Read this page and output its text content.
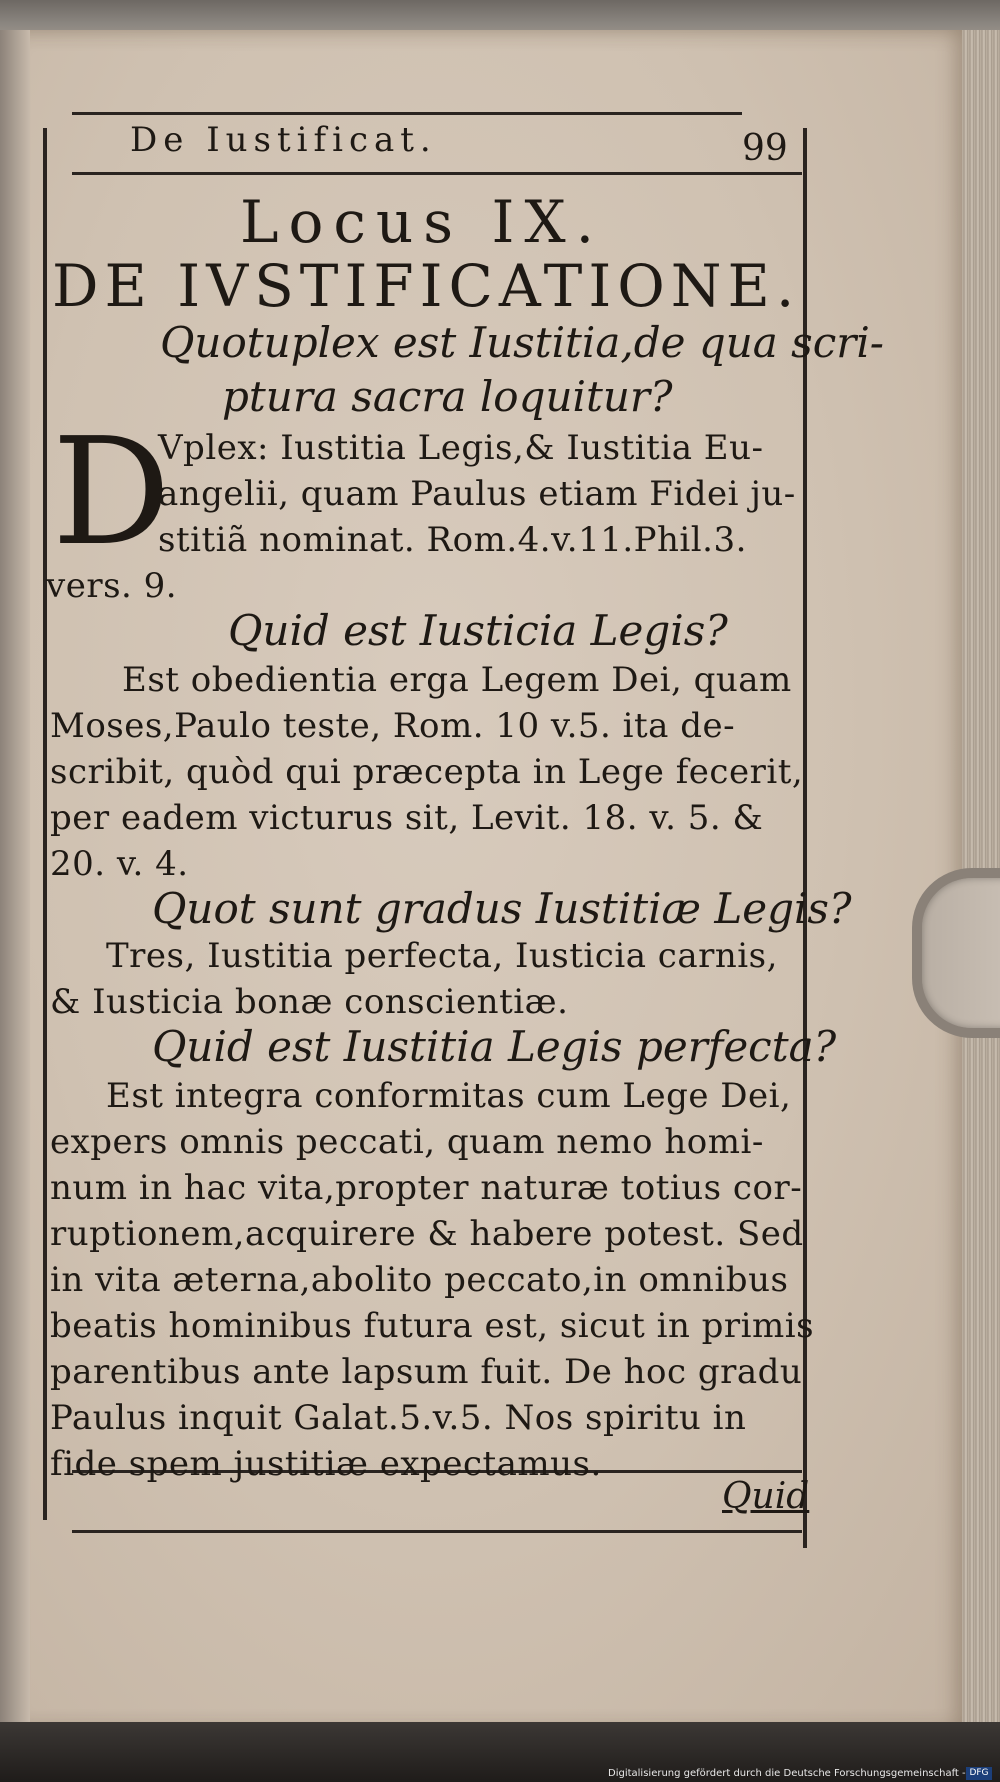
De Iustificat.	99
Locus IX.
DE IVSTIFICATIONE.
D
Quotuplex est Iustitia,de qua scri-
ptura sacra loquitur?
Vplex: Iustitia Legis,& Iustitia Eu-
angelii, quam Paulus etiam Fidei ju-
stitiã nominat. Rom.4.v.11.Phil.3.
vers. 9.
Quid est Iusticia Legis?
Est obedientia erga Legem Dei, quam
Moses,Paulo teste, Rom. 10 v.5. ita de-
scribit, quòd qui præcepta in Lege fecerit,
per eadem victurus sit, Levit. 18. v. 5. &
20. v. 4.
Quot sunt gradus Iustitiæ Legis?
Tres, Iustitia perfecta, Iusticia carnis,
& Iusticia bonæ conscientiæ.
Quid est Iustitia Legis perfecta?
Est integra conformitas cum Lege Dei,
expers omnis peccati, quam nemo homi-
num in hac vita,propter naturæ totius cor-
ruptionem,acquirere & habere potest. Sed
in vita æterna,abolito peccato,in omnibus
beatis hominibus futura est, sicut in primis
parentibus ante lapsum fuit. De hoc gradu
Paulus inquit Galat.5.v.5. Nos spiritu in
fide spem justitiæ expectamus.
Quid
Digitalisierung gefördert durch die Deutsche Forschungsgemeinschaft - DFG
